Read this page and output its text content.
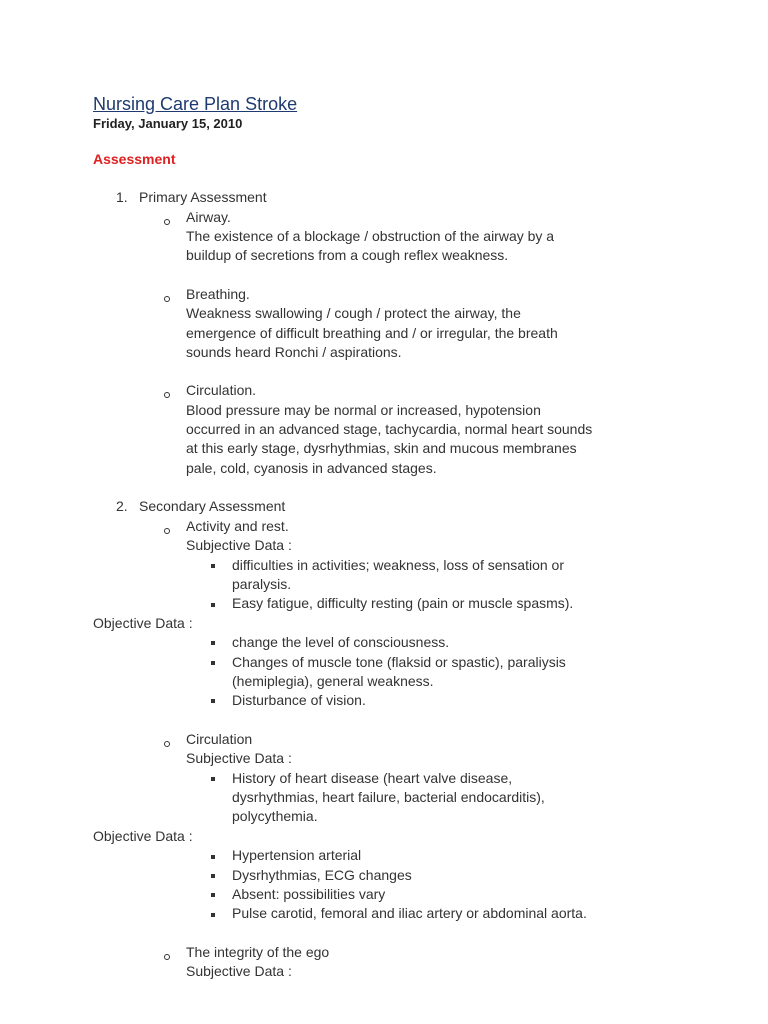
Nursing Care Plan Stroke
Friday, January 15, 2010
Assessment
1. Primary Assessment
Airway.
The existence of a blockage / obstruction of the airway by a
buildup of secretions from a cough reflex weakness.
Breathing.
Weakness swallowing / cough / protect the airway, the
emergence of difficult breathing and / or irregular, the breath
sounds heard Ronchi / aspirations.
Circulation.
Blood pressure may be normal or increased, hypotension
occurred in an advanced stage, tachycardia, normal heart sounds
at this early stage, dysrhythmias, skin and mucous membranes
pale, cold, cyanosis in advanced stages.
2. Secondary Assessment
Activity and rest.
Subjective Data :
difficulties in activities; weakness, loss of sensation or
paralysis.
Easy fatigue, difficulty resting (pain or muscle spasms).
Objective Data :
change the level of consciousness.
Changes of muscle tone (flaksid or spastic), paraliysis
(hemiplegia), general weakness.
Disturbance of vision.
Circulation
Subjective Data :
History of heart disease (heart valve disease,
dysrhythmias, heart failure, bacterial endocarditis),
polycythemia.
Objective Data :
Hypertension arterial
Dysrhythmias, ECG changes
Absent: possibilities vary
Pulse carotid, femoral and iliac artery or abdominal aorta.
The integrity of the ego
Subjective Data :
